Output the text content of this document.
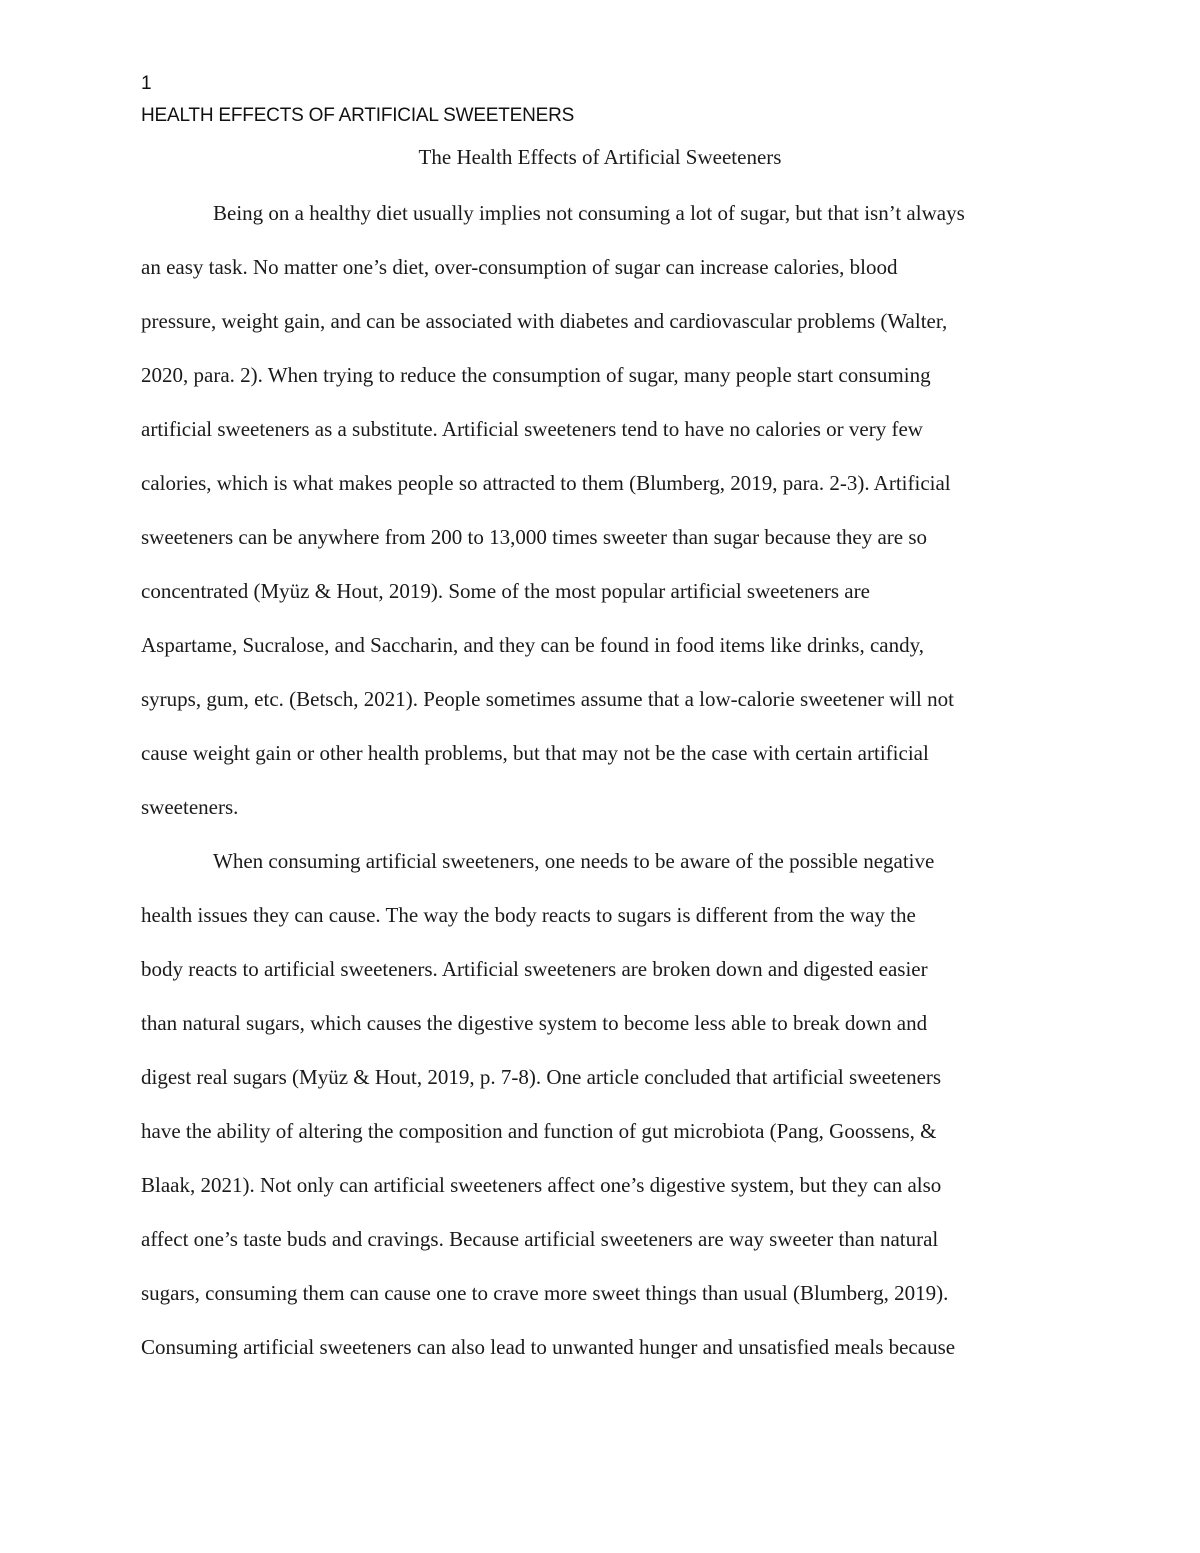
1
HEALTH EFFECTS OF ARTIFICIAL SWEETENERS
The Health Effects of Artificial Sweeteners
Being on a healthy diet usually implies not consuming a lot of sugar, but that isn’t always
an easy task. No matter one’s diet, over-consumption of sugar can increase calories, blood
pressure, weight gain, and can be associated with diabetes and cardiovascular problems (Walter,
2020, para. 2). When trying to reduce the consumption of sugar, many people start consuming
artificial sweeteners as a substitute. Artificial sweeteners tend to have no calories or very few
calories, which is what makes people so attracted to them (Blumberg, 2019, para. 2-3). Artificial
sweeteners can be anywhere from 200 to 13,000 times sweeter than sugar because they are so
concentrated (Myüz & Hout, 2019). Some of the most popular artificial sweeteners are
Aspartame, Sucralose, and Saccharin, and they can be found in food items like drinks, candy,
syrups, gum, etc. (Betsch, 2021). People sometimes assume that a low-calorie sweetener will not
cause weight gain or other health problems, but that may not be the case with certain artificial
sweeteners.
When consuming artificial sweeteners, one needs to be aware of the possible negative
health issues they can cause. The way the body reacts to sugars is different from the way the
body reacts to artificial sweeteners. Artificial sweeteners are broken down and digested easier
than natural sugars, which causes the digestive system to become less able to break down and
digest real sugars (Myüz & Hout, 2019, p. 7-8). One article concluded that artificial sweeteners
have the ability of altering the composition and function of gut microbiota (Pang, Goossens, &
Blaak, 2021). Not only can artificial sweeteners affect one’s digestive system, but they can also
affect one’s taste buds and cravings. Because artificial sweeteners are way sweeter than natural
sugars, consuming them can cause one to crave more sweet things than usual (Blumberg, 2019).
Consuming artificial sweeteners can also lead to unwanted hunger and unsatisfied meals because
